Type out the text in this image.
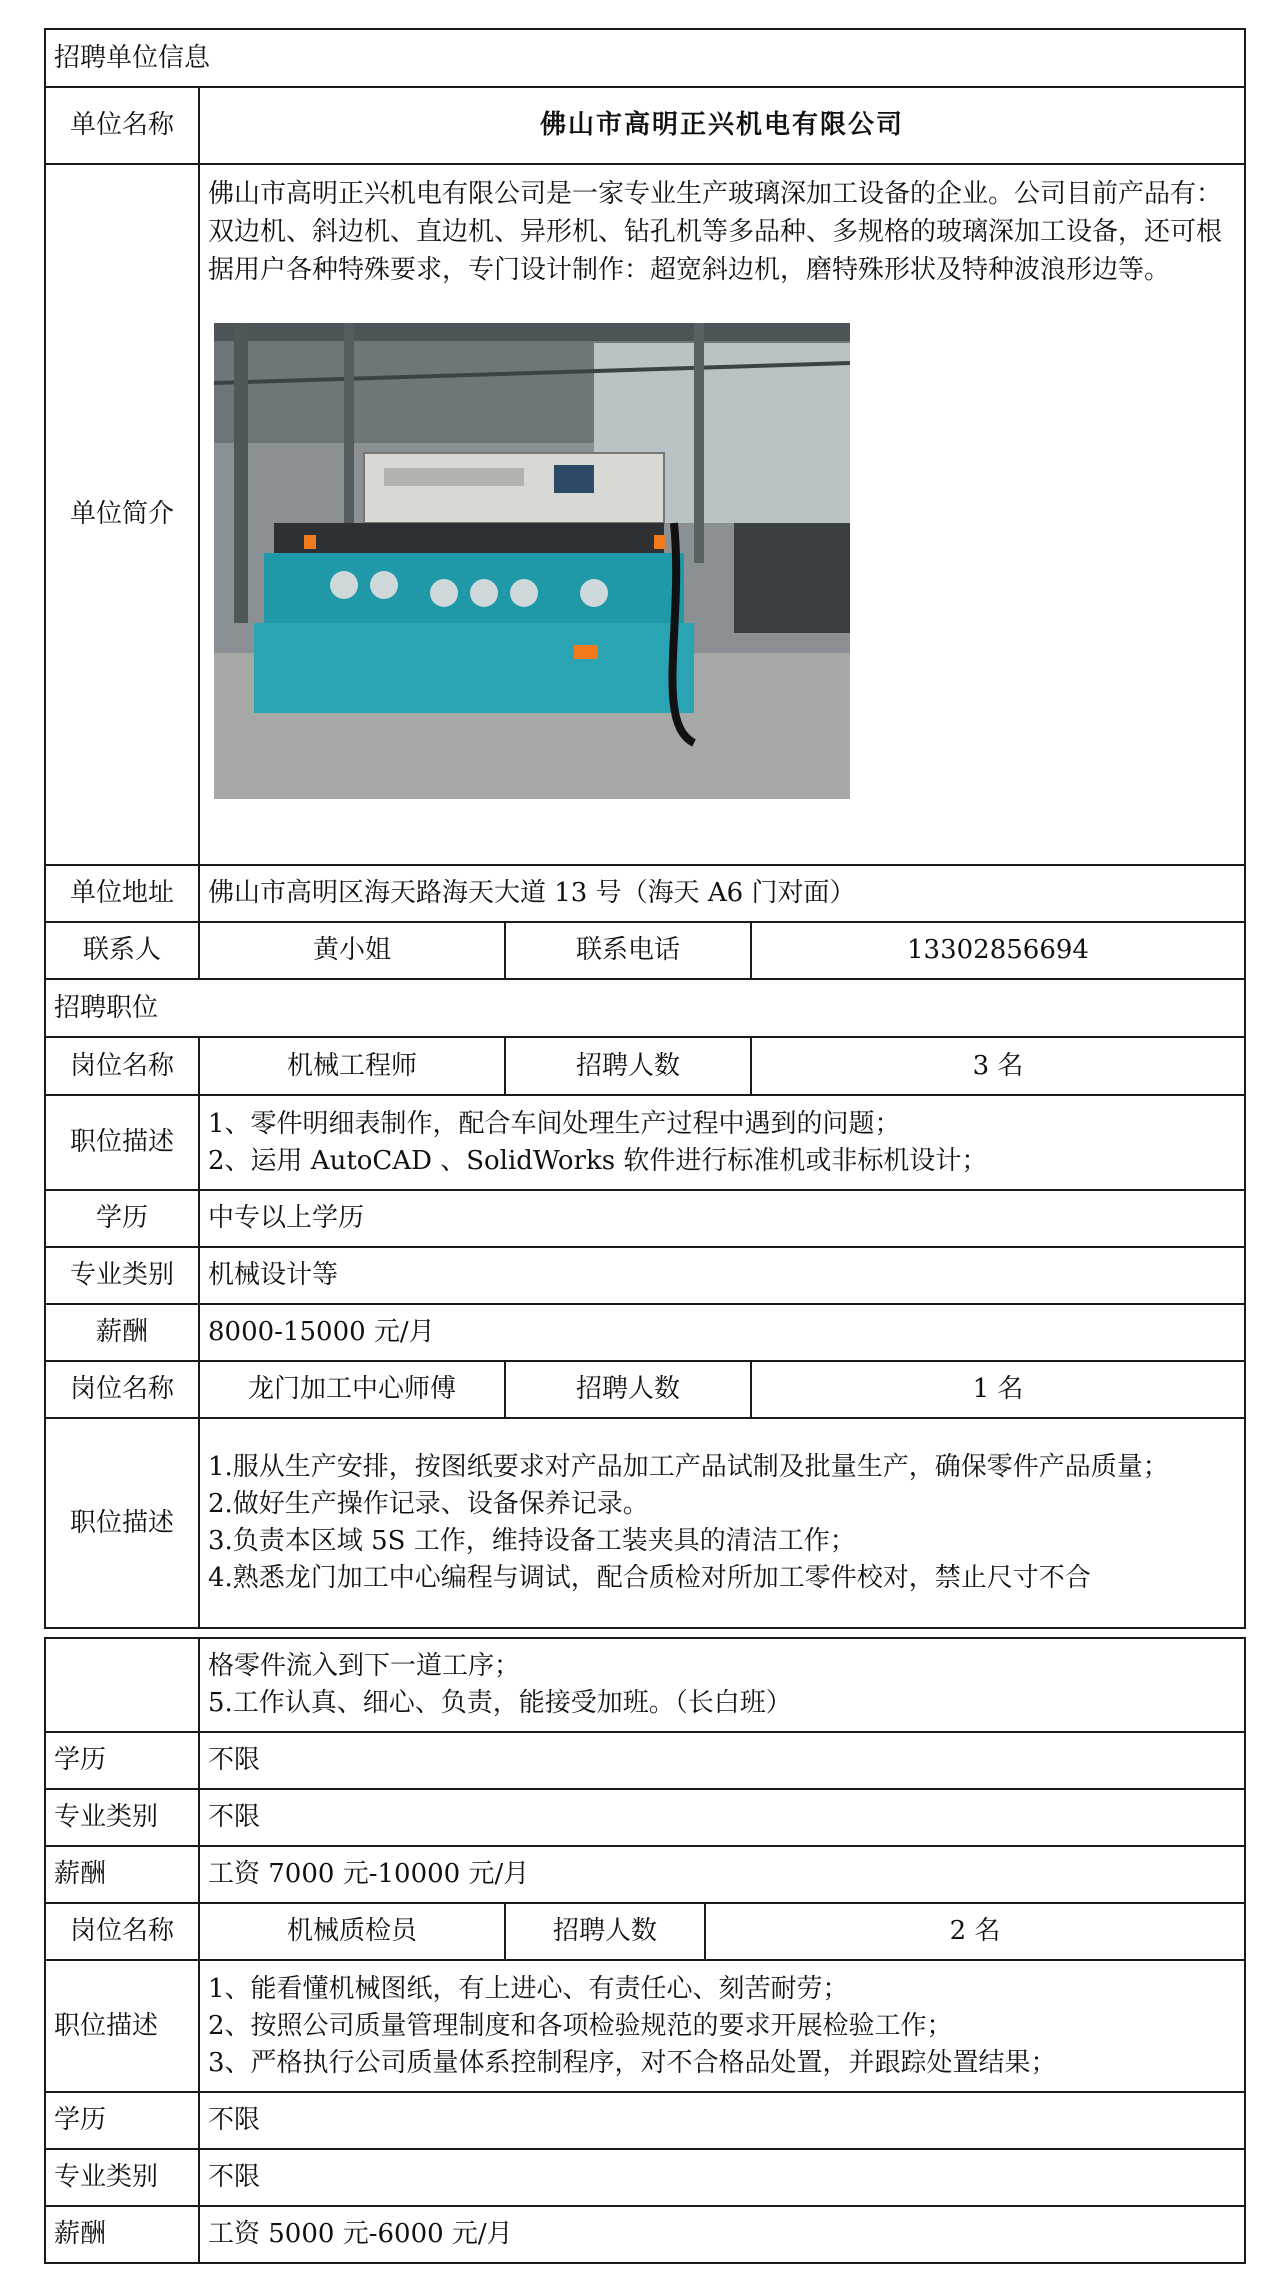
招聘单位信息			
单位名称	佛山市高明正兴机电有限公司		
单位简介	佛山市高明正兴机电有限公司是一家专业生产玻璃深加工设备的企业。公司目前产品有：双边机、斜边机、直边机、异形机、钻孔机等多品种、多规格的玻璃深加工设备，还可根据用户各种特殊要求，专门设计制作：超宽斜边机，磨特殊形状及特种波浪形边等。		

单位地址	佛山市高明区海天路海天大道 13 号（海天 A6 门对面）		
联系人	黄小姐	联系电话	13302856694
招聘职位			
岗位名称	机械工程师	招聘人数	3 名
职位描述	1、零件明细表制作，配合车间处理生产过程中遇到的问题；
2、运用 AutoCAD 、SolidWorks 软件进行标准机或非标机设计；		

学历	中专以上学历		
专业类别	机械设计等		
薪酬	8000-15000 元/月		
岗位名称	龙门加工中心师傅	招聘人数	1 名
职位描述	1.服从生产安排，按图纸要求对产品加工产品试制及批量生产，确保零件产品质量；
2.做好生产操作记录、设备保养记录。
3.负责本区域 5S 工作，维持设备工装夹具的清洁工作；
4.熟悉龙门加工中心编程与调试，配合质检对所加工零件校对，禁止尺寸不合		

	格零件流入到下一道工序；
5.工作认真、细心、负责，能接受加班。（长白班）		

学历	不限		
专业类别	不限		
薪酬	工资 7000 元-10000 元/月		
岗位名称	机械质检员	招聘人数	2 名
职位描述	1、能看懂机械图纸，有上进心、有责任心、刻苦耐劳；
2、按照公司质量管理制度和各项检验规范的要求开展检验工作；
3、严格执行公司质量体系控制程序，对不合格品处置，并跟踪处置结果；		

学历	不限		
专业类别	不限		
薪酬	工资 5000 元-6000 元/月		
